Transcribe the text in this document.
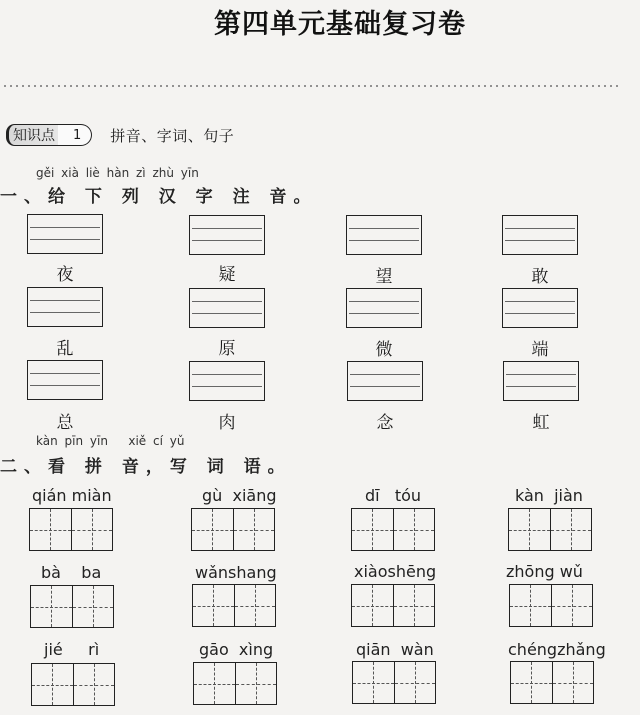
第四单元基础复习卷
知识点 1 拼音、字词、句子
gěi xià liè hàn zì zhù yīn
一、给 下 列 汉 字 注 音。
夜	疑	望	敢
乱	原	微	端
总	肉	念	虹
kàn pīn yīn   xiě cí yǔ
二、看 拼 音，写 词 语。
qián miàn	gù  xiāng	dī   tóu	kàn  jiàn
bà    ba	wǎnshang	xiàoshēng	zhōng wǔ
jié     rì	gāo  xìng	qiān  wàn	chéngzhǎng
